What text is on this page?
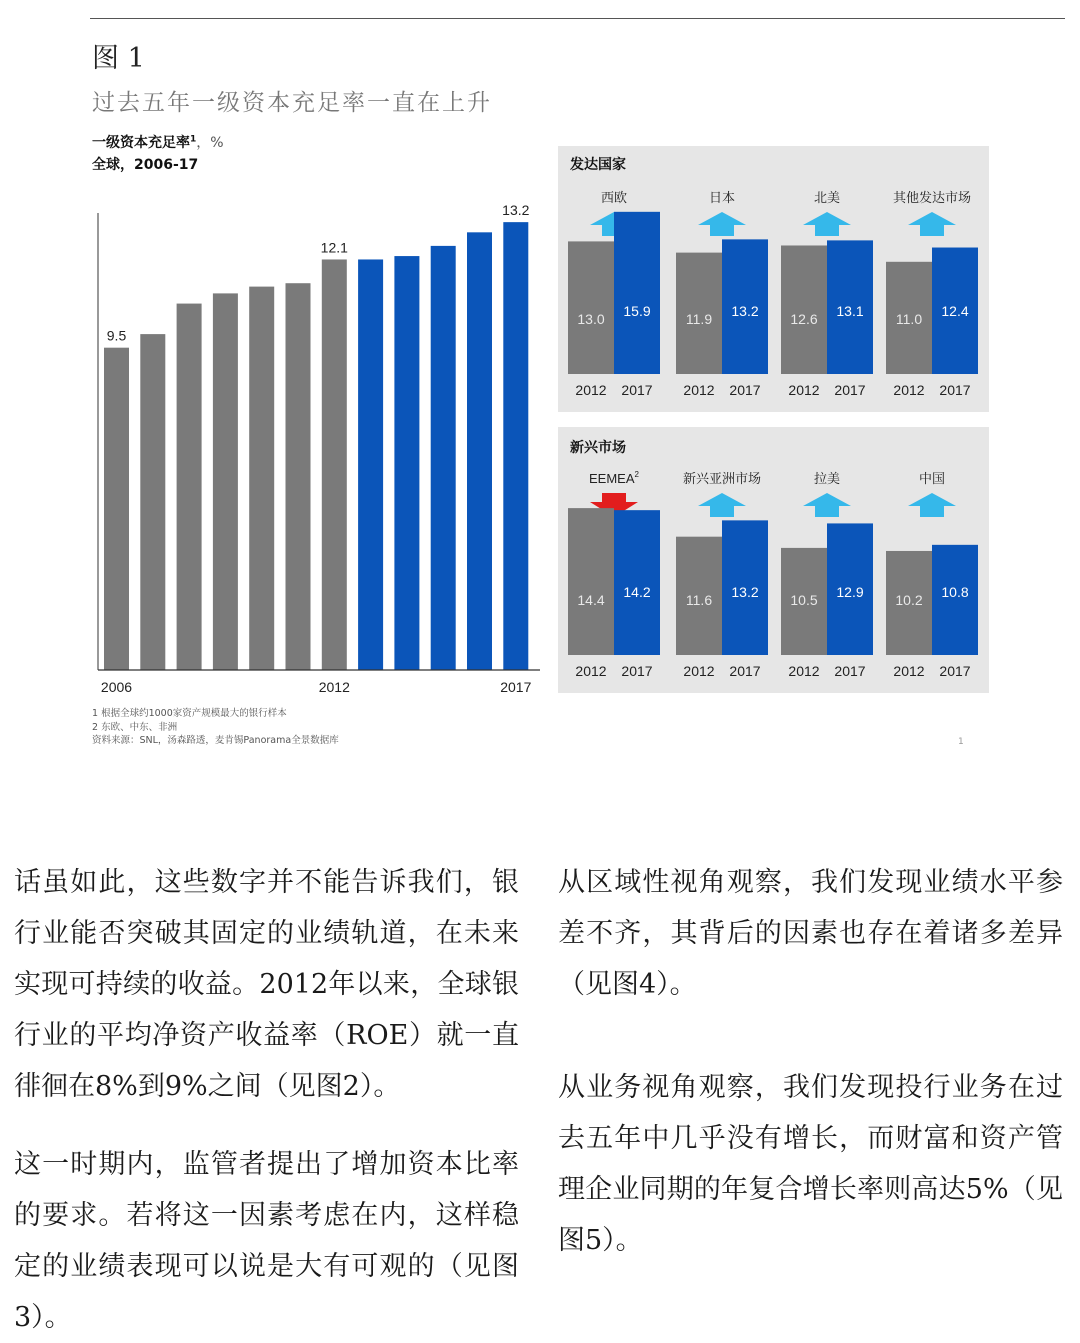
图 1
过去五年一级资本充足率一直在上升
一级资本充足率$^1$，%
全球，2006-17
9.5
2006
12.1
2012
13.2
2017
发达国家
西欧
13.0
2012
15.9
2017
日本
11.9
2012
13.2
2017
北美
12.6
2012
13.1
2017
其他发达市场
11.0
2012
12.4
2017
新兴市场
EEMEA$^2$
14.4
2012
14.2
2017
新兴亚洲市场
11.6
2012
13.2
2017
拉美
10.5
2012
12.9
2017
中国
10.2
2012
10.8
2017
1 根据全球约1000家资产规模最大的银行样本
2 东欧、中东、非洲
资料来源：SNL，汤森路透，麦肯锡Panorama全景数据库	1

话虽如此，这些数字并不能告诉我们，银行业能否突破其固定的业绩轨道，在未来实现可持续的收益。2012年以来，全球银行业的平均净资产收益率（ROE）就一直徘徊在8%到9%之间（见图2）。

这一时期内，监管者提出了增加资本比率的要求。若将这一因素考虑在内，这样稳定的业绩表现可以说是大有可观的（见图3）。

从区域性视角观察，我们发现业绩水平参差不齐，其背后的因素也存在着诸多差异（见图4）。

从业务视角观察，我们发现投行业务在过去五年中几乎没有增长，而财富和资产管理企业同期的年复合增长率则高达5%（见图5）。
